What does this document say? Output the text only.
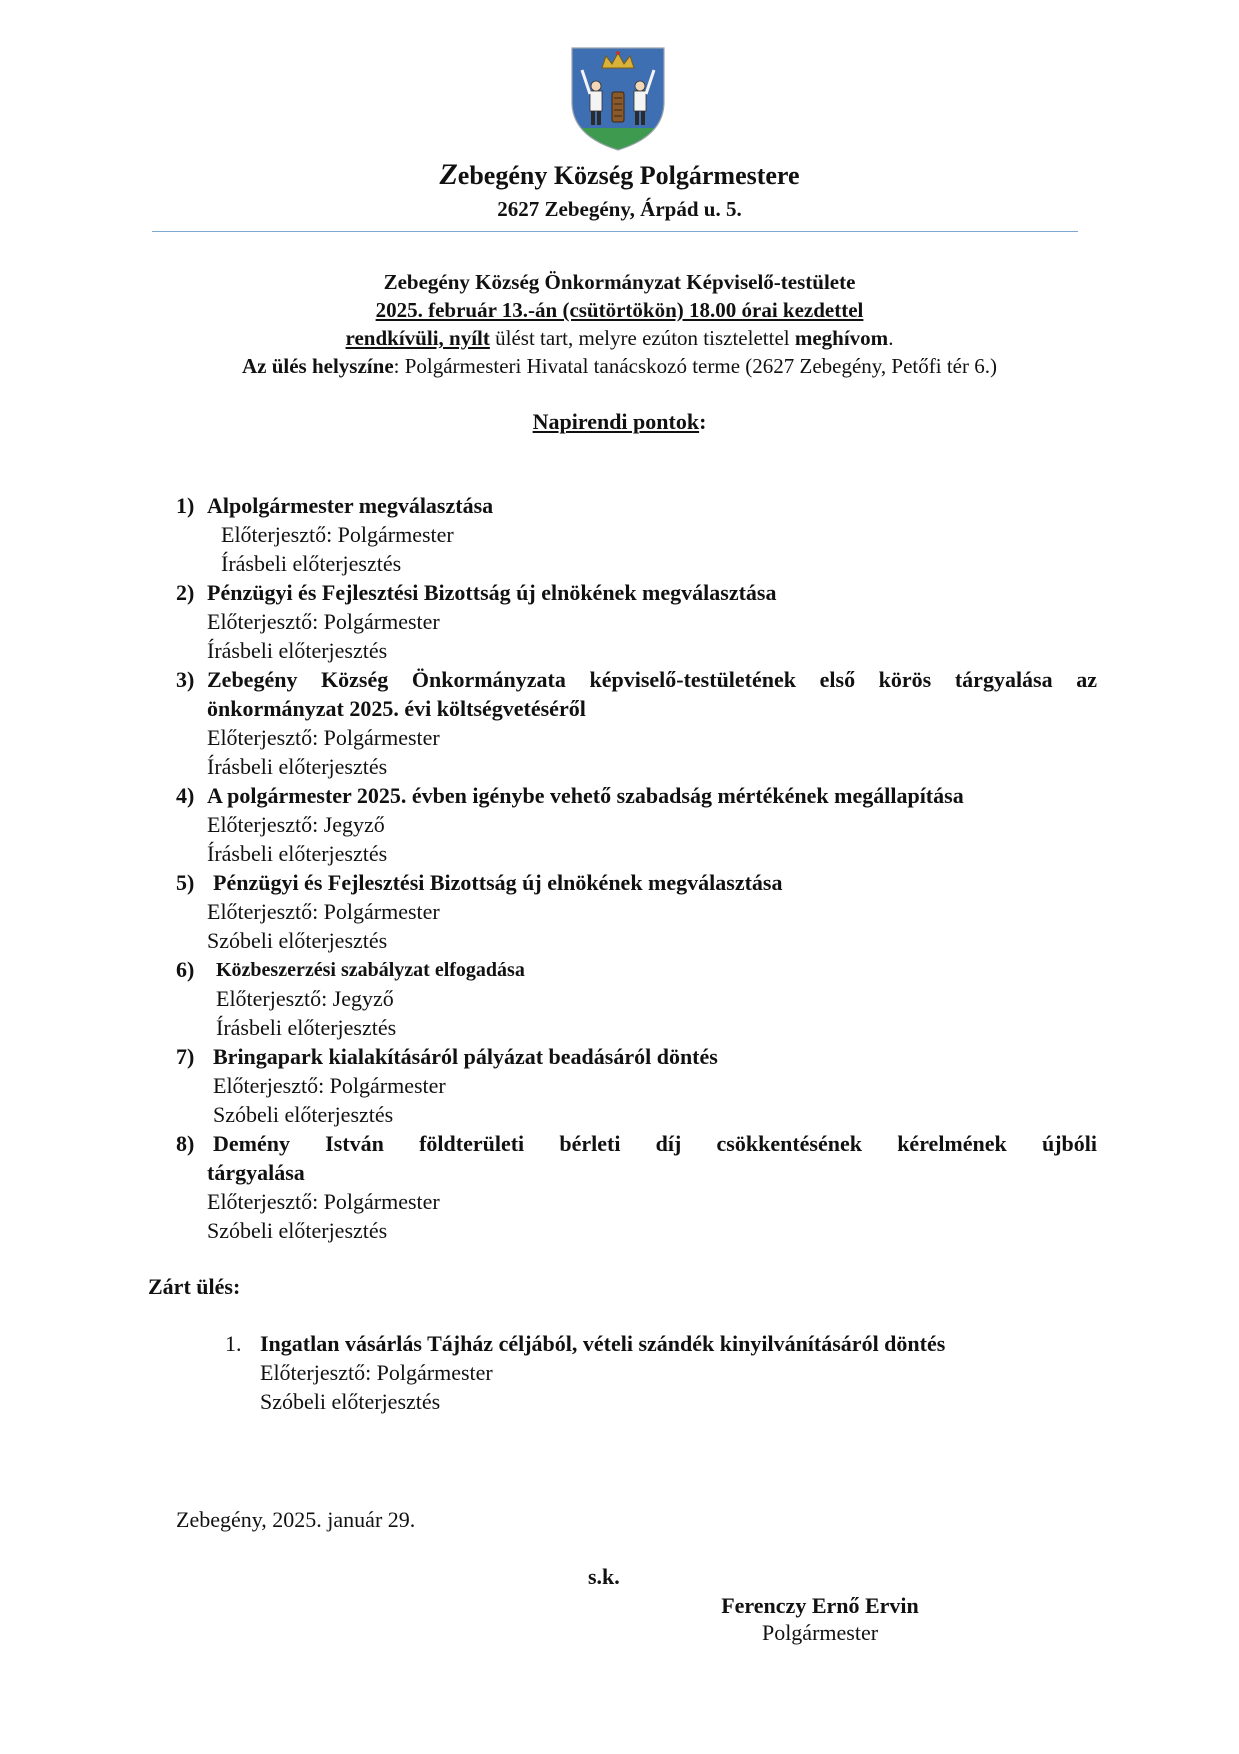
Zebegény Község Polgármestere
2627 Zebegény, Árpád u. 5.
Zebegény Község Önkormányzat Képviselő-testülete
2025. február 13.-án (csütörtökön) 18.00 órai kezdettel
rendkívüli, nyílt ülést tart, melyre ezúton tisztelettel meghívom.
Az ülés helyszíne: Polgármesteri Hivatal tanácskozó terme (2627 Zebegény, Petőfi tér 6.)
Napirendi pontok:
1) Alpolgármester megválasztása
Előterjesztő: Polgármester
Írásbeli előterjesztés
2) Pénzügyi és Fejlesztési Bizottság új elnökének megválasztása
Előterjesztő: Polgármester
Írásbeli előterjesztés
3) Zebegény Község Önkormányzata képviselő-testületének első körös tárgyalása az
önkormányzat 2025. évi költségvetéséről
Előterjesztő: Polgármester
Írásbeli előterjesztés
4) A polgármester 2025. évben igénybe vehető szabadság mértékének megállapítása
Előterjesztő: Jegyző
Írásbeli előterjesztés
5) Pénzügyi és Fejlesztési Bizottság új elnökének megválasztása
Előterjesztő: Polgármester
Szóbeli előterjesztés
6) Közbeszerzési szabályzat elfogadása
Előterjesztő: Jegyző
Írásbeli előterjesztés
7) Bringapark kialakításáról pályázat beadásáról döntés
Előterjesztő: Polgármester
Szóbeli előterjesztés
8) Demény István földterületi bérleti díj csökkentésének kérelmének újbóli
tárgyalása
Előterjesztő: Polgármester
Szóbeli előterjesztés
Zárt ülés:
1. Ingatlan vásárlás Tájház céljából, vételi szándék kinyilvánításáról döntés
Előterjesztő: Polgármester
Szóbeli előterjesztés
Zebegény, 2025. január 29.
s.k.
Ferenczy Ernő Ervin
Polgármester
